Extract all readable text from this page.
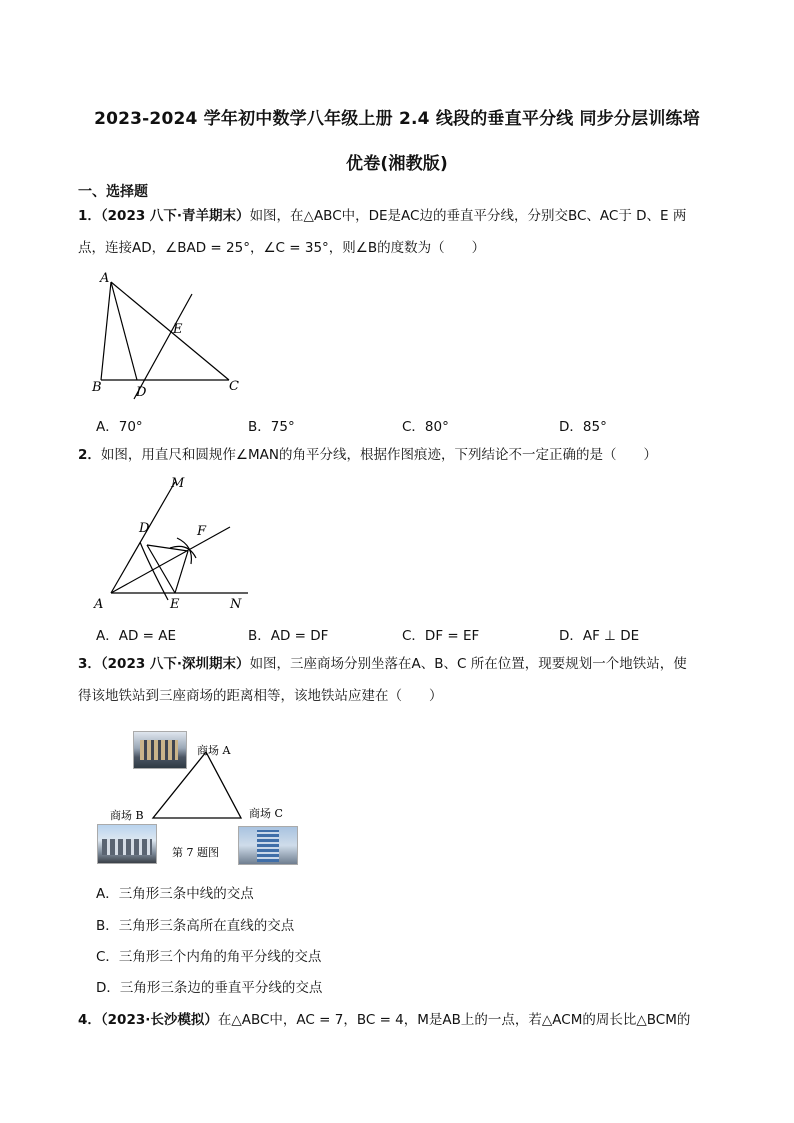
2023-2024 学年初中数学八年级上册 2.4 线段的垂直平分线 同步分层训练培
优卷(湘教版)
一、选择题
1．（2023 八下·青羊期末）如图，在△ABC中，DE是AC边的垂直平分线，分别交BC、AC于 D、E 两
点，连接AD，∠BAD = 25°，∠C = 35°，则∠B的度数为（　　）
A
B	C
D
E
A．70°	B．75°	C．80°	D．85°
2．如图，用直尺和圆规作∠MAN的角平分线，根据作图痕迹，下列结论不一定正确的是（　　）
M
D	F
A	E	N
A．AD = AE	B．AD = DF	C．DF = EF	D．AF ⊥ DE
3．（2023 八下·深圳期末）如图，三座商场分别坐落在A、B、C 所在位置，现要规划一个地铁站，使
得该地铁站到三座商场的距离相等，该地铁站应建在（　　）
商场 A
商场 B	商场 C
第 7 题图
A．三角形三条中线的交点
B．三角形三条高所在直线的交点
C．三角形三个内角的角平分线的交点
D．三角形三条边的垂直平分线的交点
4．（2023·长沙模拟）在△ABC中，AC = 7，BC = 4，M是AB上的一点，若△ACM的周长比△BCM的
